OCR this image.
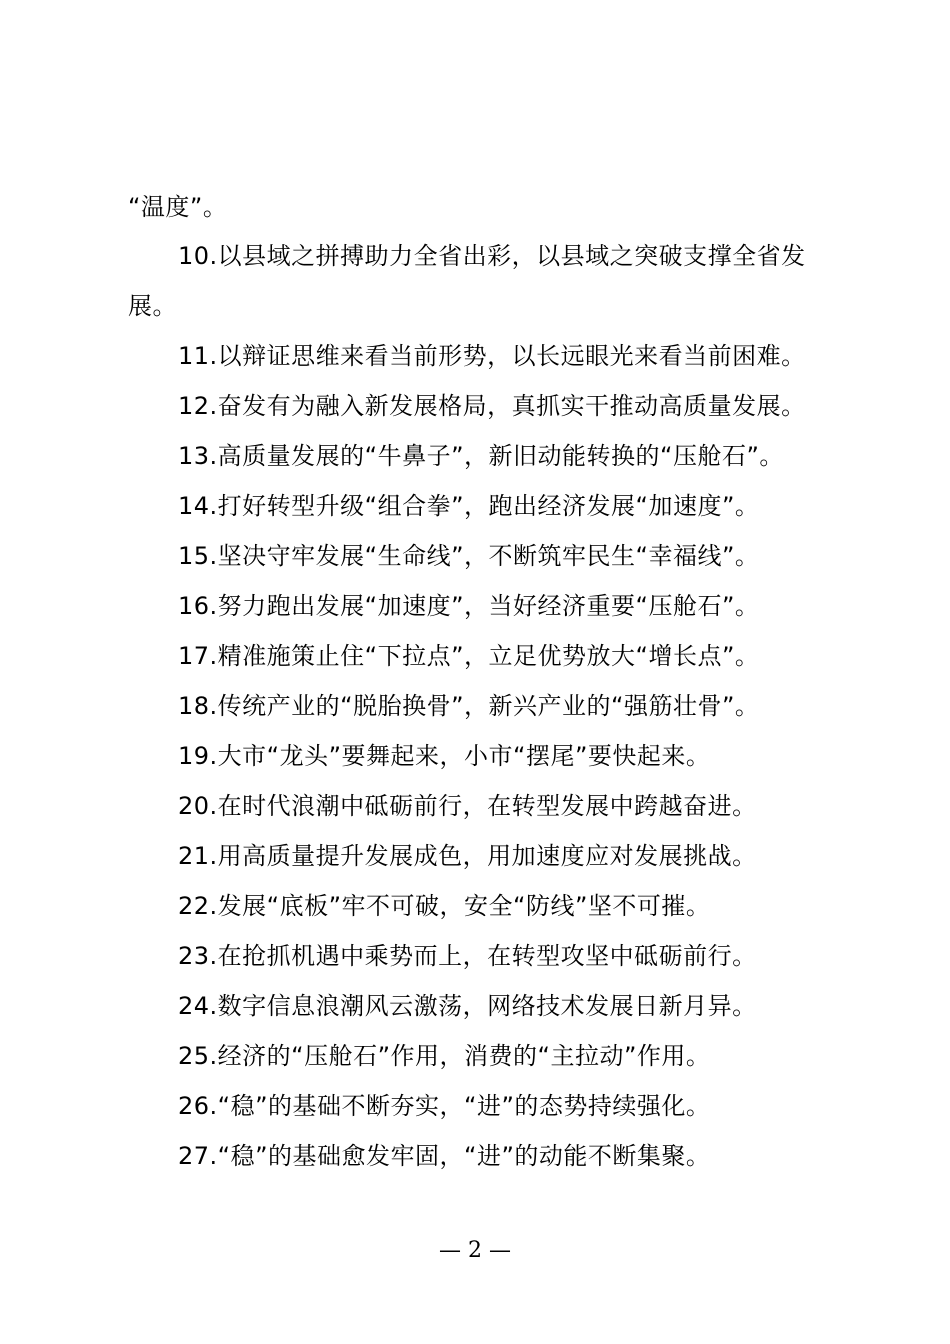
“温度”。
10.以县域之拼搏助力全省出彩，以县域之突破支撑全省发
展。
11.以辩证思维来看当前形势，以长远眼光来看当前困难。
12.奋发有为融入新发展格局，真抓实干推动高质量发展。
13.高质量发展的“牛鼻子”，新旧动能转换的“压舱石”。
14.打好转型升级“组合拳”，跑出经济发展“加速度”。
15.坚决守牢发展“生命线”，不断筑牢民生“幸福线”。
16.努力跑出发展“加速度”，当好经济重要“压舱石”。
17.精准施策止住“下拉点”，立足优势放大“增长点”。
18.传统产业的“脱胎换骨”，新兴产业的“强筋壮骨”。
19.大市“龙头”要舞起来，小市“摆尾”要快起来。
20.在时代浪潮中砥砺前行，在转型发展中跨越奋进。
21.用高质量提升发展成色，用加速度应对发展挑战。
22.发展“底板”牢不可破，安全“防线”坚不可摧。
23.在抢抓机遇中乘势而上，在转型攻坚中砥砺前行。
24.数字信息浪潮风云激荡，网络技术发展日新月异。
25.经济的“压舱石”作用，消费的“主拉动”作用。
26.“稳”的基础不断夯实，“进”的态势持续强化。
27.“稳”的基础愈发牢固，“进”的动能不断集聚。
— 2 —
